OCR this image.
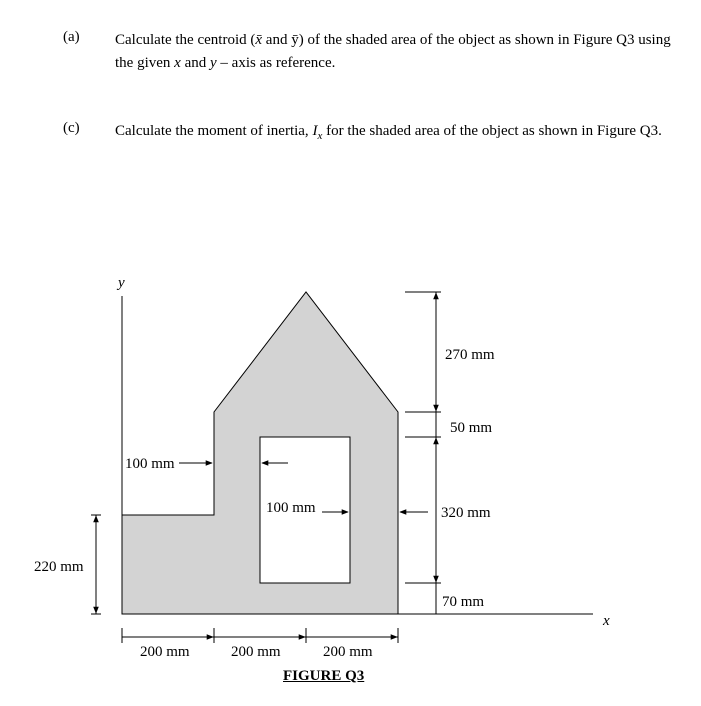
(a) Calculate the centroid (x̄ and ȳ) of the shaded area of the object as shown in Figure Q3 using the given x and y – axis as reference.
(c) Calculate the moment of inertia, $I_x$ for the shaded area of the object as shown in Figure Q3.
y
x
270 mm
50 mm
320 mm
70 mm
220 mm
100 mm
100 mm
200 mm	200 mm	200 mm
FIGURE Q3
